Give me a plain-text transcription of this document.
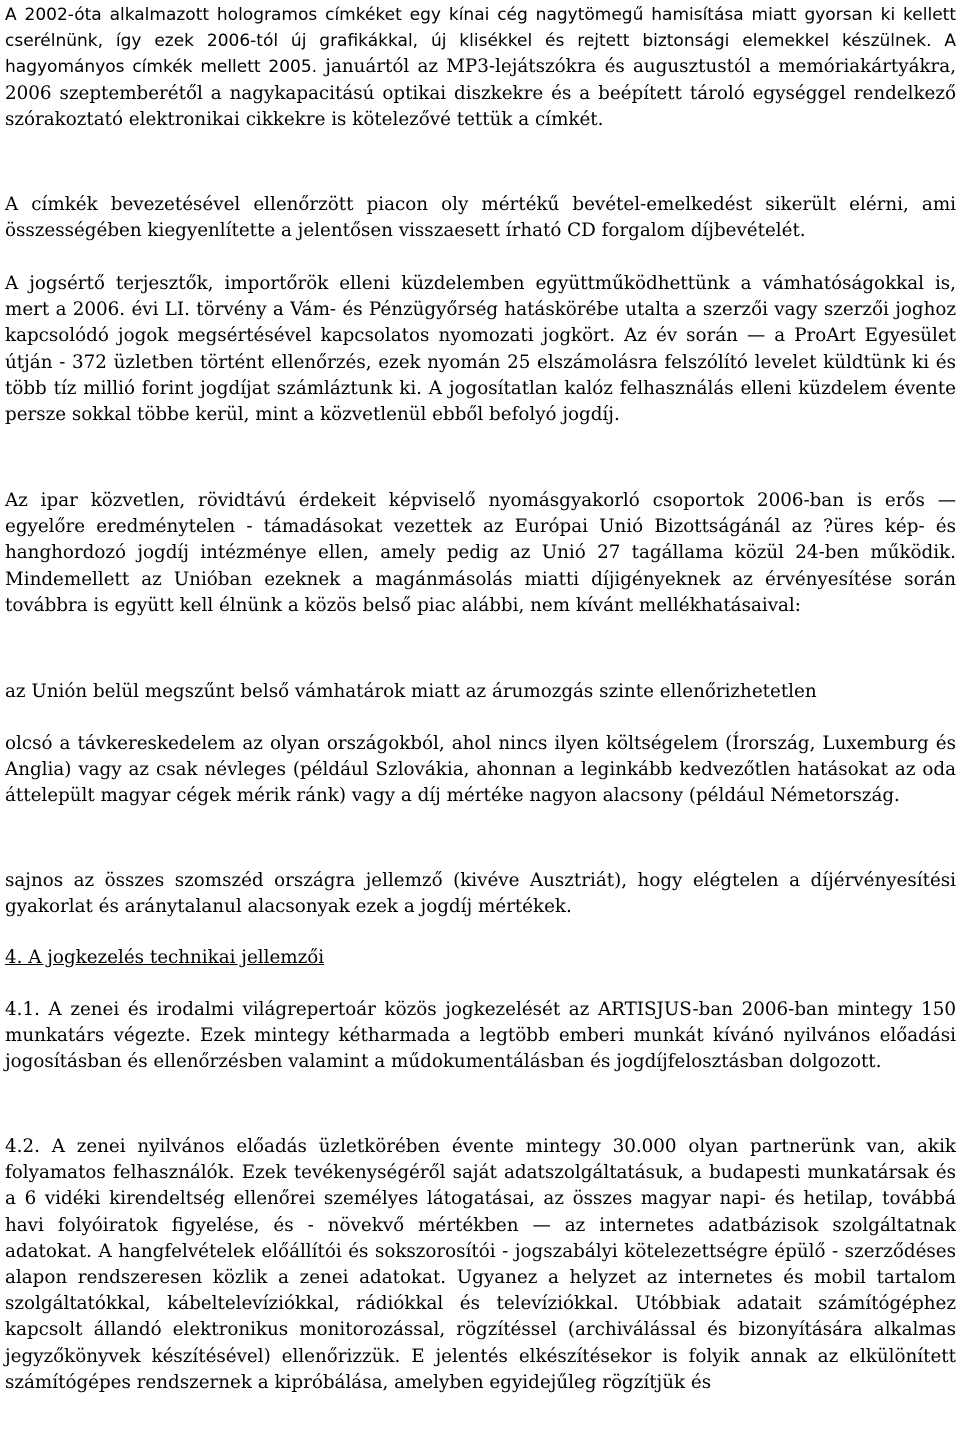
A 2002-óta alkalmazott hologramos címkéket egy kínai cég nagytömegű hamisítása miatt gyorsan ki kellett cserélnünk, így ezek 2006-tól új grafikákkal, új klisékkel és rejtett biztonsági elemekkel készülnek. A hagyományos címkék mellett 2005. januártól az MP3-lejátszókra és augusztustól a memóriakártyákra, 2006 szeptemberétől a nagykapacitású optikai diszkekre és a beépített tároló egységgel rendelkező szórakoztató elektronikai cikkekre is kötelezővé tettük a címkét.

A címkék bevezetésével ellenőrzött piacon oly mértékű bevétel-emelkedést sikerült elérni, ami összességében kiegyenlítette a jelentősen visszaesett írható CD forgalom díjbevételét.

A jogsértő terjesztők, importőrök elleni küzdelemben együttműködhettünk a vámhatóságokkal is, mert a 2006. évi LI. törvény a Vám- és Pénzügyőrség hatáskörébe utalta a szerzői vagy szerzői joghoz kapcsolódó jogok megsértésével kapcsolatos nyomozati jogkört. Az év során — a ProArt Egyesület útján - 372 üzletben történt ellenőrzés, ezek nyomán 25 elszámolásra felszólító levelet küldtünk ki és több tíz millió forint jogdíjat számláztunk ki. A jogosítatlan kalóz felhasználás elleni küzdelem évente persze sokkal többe kerül, mint a közvetlenül ebből befolyó jogdíj.

Az ipar közvetlen, rövidtávú érdekeit képviselő nyomásgyakorló csoportok 2006-ban is erős — egyelőre eredménytelen - támadásokat vezettek az Európai Unió Bizottságánál az ?üres kép- és hanghordozó jogdíj intézménye ellen, amely pedig az Unió 27 tagállama közül 24-ben működik. Mindemellett az Unióban ezeknek a magánmásolás miatti díjigényeknek az érvényesítése során továbbra is együtt kell élnünk a közös belső piac alábbi, nem kívánt mellékhatásaival:

az Unión belül megszűnt belső vámhatárok miatt az árumozgás szinte ellenőrizhetetlen

olcsó a távkereskedelem az olyan országokból, ahol nincs ilyen költségelem (Írország, Luxemburg és Anglia) vagy az csak névleges (például Szlovákia, ahonnan a leginkább kedvezőtlen hatásokat az oda áttelepült magyar cégek mérik ránk) vagy a díj mértéke nagyon alacsony (például Németország.

sajnos az összes szomszéd országra jellemző (kivéve Ausztriát), hogy elégtelen a díjérvényesítési gyakorlat és aránytalanul alacsonyak ezek a jogdíj mértékek.

4. A jogkezelés technikai jellemzői

4.1. A zenei és irodalmi világrepertoár közös jogkezelését az ARTISJUS-ban 2006-ban mintegy 150 munkatárs végezte. Ezek mintegy kétharmada a legtöbb emberi munkát kívánó nyilvános előadási jogosításban és ellenőrzésben valamint a műdokumentálásban és jogdíjfelosztásban dolgozott.

4.2. A zenei nyilvános előadás üzletkörében évente mintegy 30.000 olyan partnerünk van, akik folyamatos felhasználók. Ezek tevékenységéről saját adatszolgáltatásuk, a budapesti munkatársak és a 6 vidéki kirendeltség ellenőrei személyes látogatásai, az összes magyar napi- és hetilap, továbbá havi folyóiratok figyelése, és - növekvő mértékben — az internetes adatbázisok szolgáltatnak adatokat. A hangfelvételek előállítói és sokszorosítói - jogszabályi kötelezettségre épülő - szerződéses alapon rendszeresen közlik a zenei adatokat. Ugyanez a helyzet az internetes és mobil tartalom szolgáltatókkal, kábeltelevíziókkal, rádiókkal és televíziókkal. Utóbbiak adatait számítógéphez kapcsolt állandó elektronikus monitorozással, rögzítéssel (archiválással és bizonyítására alkalmas jegyzőkönyvek készítésével) ellenőrizzük. E jelentés elkészítésekor is folyik annak az elkülönített számítógépes rendszernek a kipróbálása, amelyben egyidejűleg rögzítjük és
